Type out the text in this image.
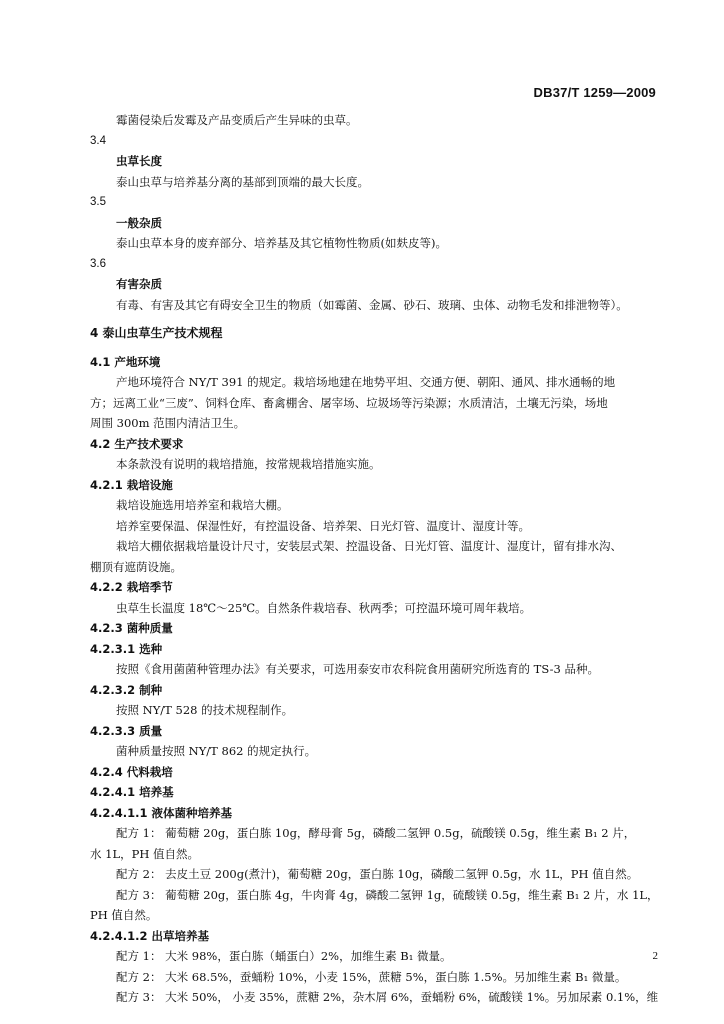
DB37/T 1259—2009
霉菌侵染后发霉及产品变质后产生异味的虫草。
3.4
虫草长度
泰山虫草与培养基分离的基部到顶端的最大长度。
3.5
一般杂质
泰山虫草本身的废弃部分、培养基及其它植物性物质(如麸皮等)。
3.6
有害杂质
有毒、有害及其它有碍安全卫生的物质（如霉菌、金属、砂石、玻璃、虫体、动物毛发和排泄物等）。
4 泰山虫草生产技术规程
4.1 产地环境
产地环境符合 NY/T 391 的规定。栽培场地建在地势平坦、交通方便、朝阳、通风、排水通畅的地
方；远离工业“三废”、饲料仓库、畜禽棚舍、屠宰场、垃圾场等污染源；水质清洁，土壤无污染，场地
周围 300m 范围内清洁卫生。
4.2 生产技术要求
本条款没有说明的栽培措施，按常规栽培措施实施。
4.2.1 栽培设施
栽培设施选用培养室和栽培大棚。
培养室要保温、保湿性好，有控温设备、培养架、日光灯管、温度计、湿度计等。
栽培大棚依据栽培量设计尺寸，安装层式架、控温设备、日光灯管、温度计、湿度计，留有排水沟、
棚顶有遮荫设施。
4.2.2 栽培季节
虫草生长温度 18℃～25℃。自然条件栽培春、秋两季；可控温环境可周年栽培。
4.2.3 菌种质量
4.2.3.1 选种
按照《食用菌菌种管理办法》有关要求，可选用泰安市农科院食用菌研究所选育的 TS-3 品种。
4.2.3.2 制种
按照 NY/T 528 的技术规程制作。
4.2.3.3 质量
菌种质量按照 NY/T 862 的规定执行。
4.2.4 代料栽培
4.2.4.1 培养基
4.2.4.1.1 液体菌种培养基
配方 1： 葡萄糖 20g，蛋白胨 10g，酵母膏 5g，磷酸二氢钾 0.5g，硫酸镁 0.5g，维生素 B₁ 2 片，
水 1L，PH 值自然。
配方 2： 去皮土豆 200g(煮汁)，葡萄糖 20g，蛋白胨 10g，磷酸二氢钾 0.5g，水 1L，PH 值自然。
配方 3： 葡萄糖 20g，蛋白胨 4g，牛肉膏 4g，磷酸二氢钾 1g，硫酸镁 0.5g，维生素 B₁ 2 片，水 1L，
PH 值自然。
4.2.4.1.2 出草培养基
配方 1： 大米 98%，蛋白胨（蛹蛋白）2%，加维生素 B₁ 微量。
配方 2： 大米 68.5%，蚕蛹粉 10%，小麦 15%，蔗糖 5%，蛋白胨 1.5%。另加维生素 B₁ 微量。
配方 3： 大米 50%， 小麦 35%，蔗糖 2%，杂木屑 6%，蚕蛹粉 6%，硫酸镁 1%。另加尿素 0.1%，维
2
